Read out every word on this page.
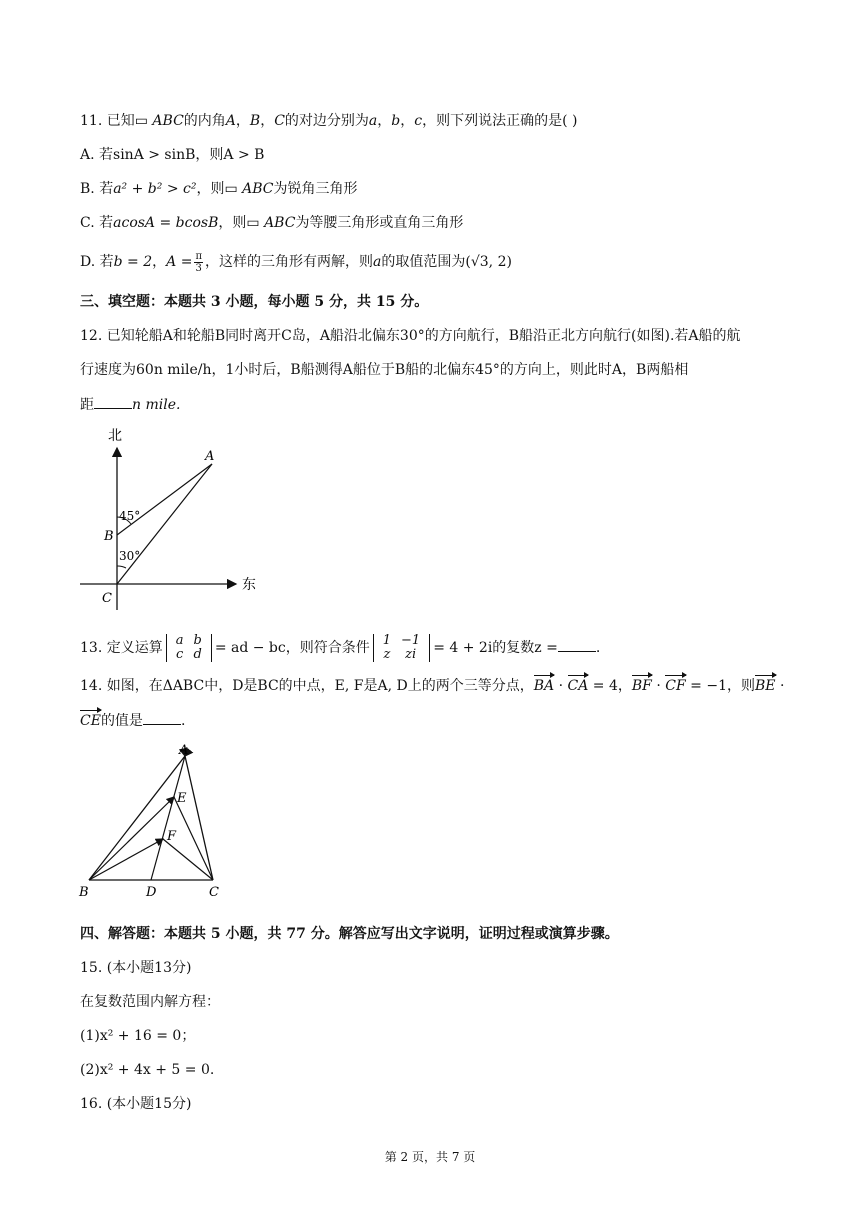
11. 已知▭ ABC的内角A，B，C的对边分别为a，b，c，则下列说法正确的是( )
A. 若sinA > sinB，则A > B
B. 若a² + b² > c²，则▭ ABC为锐角三角形
C. 若acosA = bcosB，则▭ ABC为等腰三角形或直角三角形
D. 若b = 2，$A = \frac{\pi}{3}$ ，这样的三角形有两解，则a的取值范围为(√3, 2)
三、填空题：本题共 3 小题，每小题 5 分，共 15 分。
12. 已知轮船A和轮船B同时离开C岛，A船沿北偏东30°的方向航行，B船沿正北方向航行(如图).若A船的航
行速度为60n mile/h，1小时后，B船测得A船位于B船的北偏东45°的方向上，则此时A，B两船相
距	n mile.
北
东
A
B
C
45°
30°
13. 定义运算 a	b
c	d = ad − bc，则符合条件 1	−1
z	zi = 4 + 2i的复数z =	.
14. 如图，在ΔABC中，D是BC的中点，E, F是A, D上的两个三等分点，BA · CA = 4，BF · CF = −1，则BE ·
CE的值是	.
A
B	C
D
E
F
四、解答题：本题共 5 小题，共 77 分。解答应写出文字说明，证明过程或演算步骤。
15. (本小题13分)
在复数范围内解方程：
(1)x² + 16 = 0；
(2)x² + 4x + 5 = 0.
16. (本小题15分)
第 2 页，共 7 页
